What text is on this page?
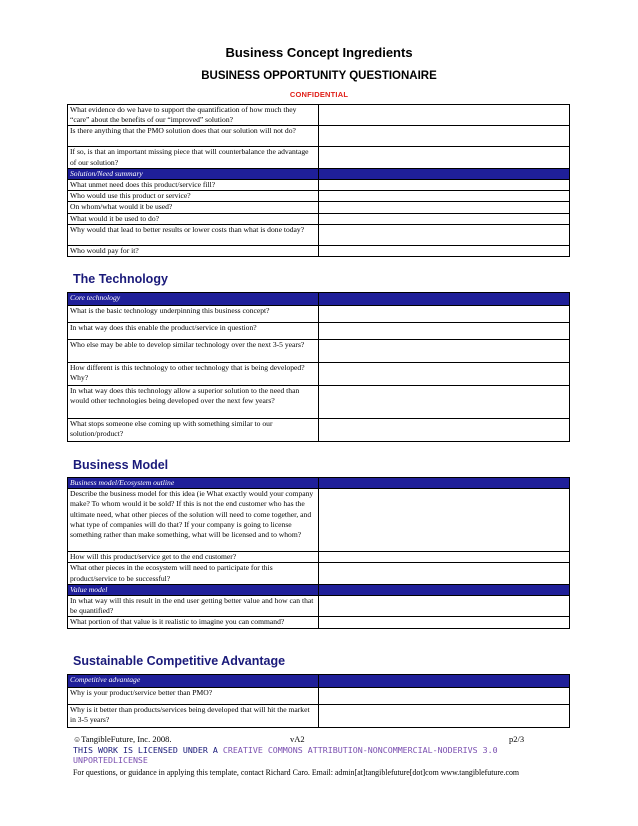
Business Concept Ingredients
BUSINESS OPPORTUNITY QUESTIONAIRE
CONFIDENTIAL
What evidence do we have to support the quantification of how much they “care” about the benefits of our “improved” solution?	
Is there anything that the PMO solution does that our solution will not do?	
If so, is that an important missing piece that will counterbalance the advantage of our solution?	
Solution/Need summary	
What unmet need does this product/service fill?	
Who would use this product or service?	
On whom/what would it be used?	
What would it be used to do?	
Why would that lead to better results or lower costs than what is done today?	
Who would pay for it?	
The Technology
Core technology	
What is the basic technology underpinning this business concept?	
In what way does this enable the product/service in question?	
Who else may be able to develop similar technology over the next 3-5 years?	
How different is this technology to other technology that is being developed? Why?	
In what way does this technology allow a superior solution to the need than would other technologies being developed over the next few years?	
What stops someone else coming up with something similar to our solution/product?	
Business Model
Business model/Ecosystem outline	
Describe the business model for this idea (ie What exactly would your company make? To whom would it be sold? If this is not the end customer who has the ultimate need, what other pieces of the solution will need to come together, and what type of companies will do that? If your company is going to license something rather than make something, what will be licensed and to whom?	
How will this product/service get to the end customer?	
What other pieces in the ecosystem will need to participate for this product/service to be successful?	
Value model	
In what way will this result in the end user getting better value and how can that be quantified?	
What portion of that value is it realistic to imagine you can command?	
Sustainable Competitive Advantage
Competitive advantage	
Why is your product/service better than PMO?	
Why is it better than products/services being developed that will hit the market in 3-5 years?	
☺TangibleFuture, Inc. 2008.	vA2	p2/3
THIS WORK IS LICENSED UNDER A CREATIVE COMMONS ATTRIBUTION-NONCOMMERCIAL-NODERIVS 3.0 UNPORTEDLICENSE
For questions, or guidance in applying this template, contact Richard Caro. Email: admin[at]tangiblefuture[dot]com www.tangiblefuture.com
